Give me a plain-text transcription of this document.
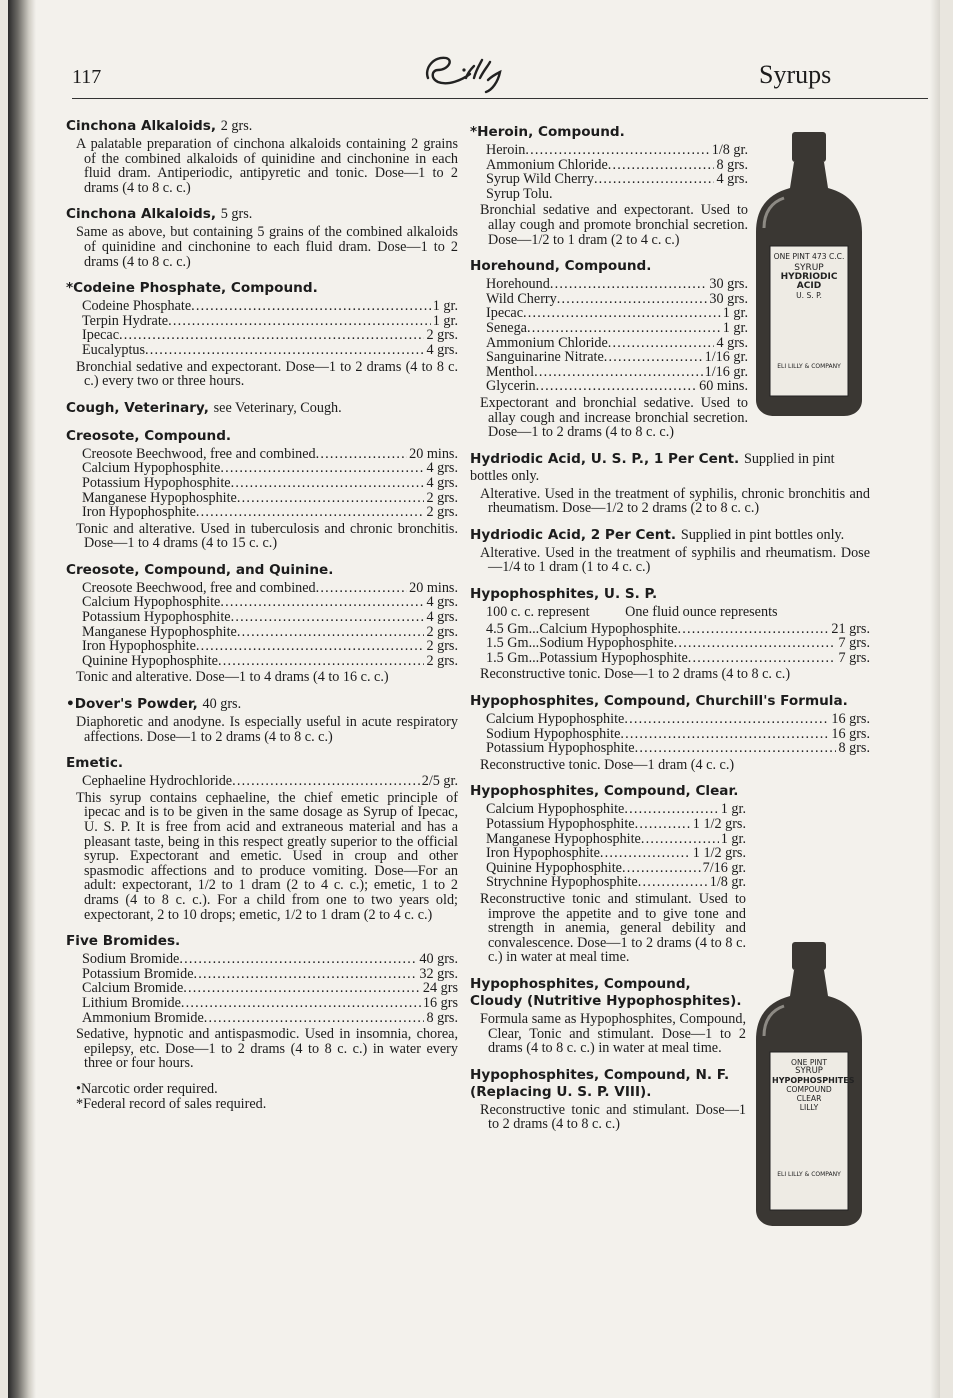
117	Syrups
Cinchona Alkaloids, 2 grs.
A palatable preparation of cinchona alkaloids containing 2 grains of the combined alkaloids of quinidine and cinchonine in each fluid dram. Antiperiodic, antipyretic and tonic. Dose—1 to 2 drams (4 to 8 c. c.)
Cinchona Alkaloids, 5 grs.
Same as above, but containing 5 grains of the combined alkaloids of quinidine and cinchonine to each fluid dram. Dose—1 to 2 drams (4 to 8 c. c.)
*Codeine Phosphate, Compound.
Codeine Phosphate .....	1 gr.
Terpin Hydrate .....	1 gr.
Ipecac .....	2 grs.
Eucalyptus .....	4 grs.
Bronchial sedative and expectorant. Dose—1 to 2 drams (4 to 8 c. c.) every two or three hours.
Cough, Veterinary, see Veterinary, Cough.
Creosote, Compound.
Creosote Beechwood, free and combined .....	20 mins.
Calcium Hypophosphite .....	4 grs.
Potassium Hypophosphite .....	4 grs.
Manganese Hypophosphite .....	2 grs.
Iron Hypophosphite .....	2 grs.
Tonic and alterative. Used in tuberculosis and chronic bronchitis. Dose—1 to 4 drams (4 to 15 c. c.)
Creosote, Compound, and Quinine.
Creosote Beechwood, free and combined .....	20 mins.
Calcium Hypophosphite .....	4 grs.
Potassium Hypophosphite .....	4 grs.
Manganese Hypophosphite .....	2 grs.
Iron Hypophosphite .....	2 grs.
Quinine Hypophosphite .....	2 grs.
Tonic and alterative. Dose—1 to 4 drams (4 to 16 c. c.)
•Dover's Powder, 40 grs.
Diaphoretic and anodyne. Is especially useful in acute respiratory affections. Dose—1 to 2 drams (4 to 8 c. c.)
Emetic.
Cephaeline Hydrochloride .....	2/5 gr.
This syrup contains cephaeline, the chief emetic principle of ipecac and is to be given in the same dosage as Syrup of Ipecac, U. S. P. It is free from acid and extraneous material and has a pleasant taste, being in this respect greatly superior to the official syrup. Expectorant and emetic. Used in croup and other spasmodic affections and to produce vomiting. Dose—For an adult: expectorant, 1/2 to 1 dram (2 to 4 c. c.); emetic, 1 to 2 drams (4 to 8 c. c.). For a child from one to two years old; expectorant, 2 to 10 drops; emetic, 1/2 to 1 dram (2 to 4 c. c.)
Five Bromides.
Sodium Bromide .....	40 grs.
Potassium Bromide .....	32 grs.
Calcium Bromide .....	24 grs
Lithium Bromide .....	16 grs
Ammonium Bromide .....	8 grs.
Sedative, hypnotic and antispasmodic. Used in insomnia, chorea, epilepsy, etc. Dose—1 to 2 drams (4 to 8 c. c.) in water every three or four hours.
•Narcotic order required.
*Federal record of sales required.
*Heroin, Compound.
Heroin .....	1/8 gr.
Ammonium Chloride .....	8 grs.
Syrup Wild Cherry .....	4 grs.
Syrup Tolu.
Bronchial sedative and expectorant. Used to allay cough and promote bronchial secretion. Dose—1/2 to 1 dram (2 to 4 c. c.)
Horehound, Compound.
Horehound .....	30 grs.
Wild Cherry .....	30 grs.
Ipecac .....	1 gr.
Senega .....	1 gr.
Ammonium Chloride .....	4 grs.
Sanguinarine Nitrate .....	1/16 gr.
Menthol .....	1/16 gr.
Glycerin .....	60 mins.
Expectorant and bronchial sedative. Used to allay cough and increase bronchial secretion. Dose—1 to 2 drams (4 to 8 c. c.)
Hydriodic Acid, U. S. P., 1 Per Cent. Supplied in pint bottles only.
Alterative. Used in the treatment of syphilis, chronic bronchitis and rheumatism. Dose—1/2 to 2 drams (2 to 8 c. c.)
Hydriodic Acid, 2 Per Cent. Supplied in pint bottles only.
Alterative. Used in the treatment of syphilis and rheumatism. Dose—1/4 to 1 dram (1 to 4 c. c.)
Hypophosphites, U. S. P.
100 c. c. represent          One fluid ounce represents
4.5 Gm...Calcium Hypophosphite .....	21 grs.
1.5 Gm...Sodium Hypophosphite .....	7 grs.
1.5 Gm...Potassium Hypophosphite .....	7 grs.
Reconstructive tonic. Dose—1 to 2 drams (4 to 8 c. c.)
Hypophosphites, Compound, Churchill's Formula.
Calcium Hypophosphite .....	16 grs.
Sodium Hypophosphite .....	16 grs.
Potassium Hypophosphite .....	8 grs.
Reconstructive tonic. Dose—1 dram (4 c. c.)
Hypophosphites, Compound, Clear.
Calcium Hypophosphite .....	1 gr.
Potassium Hypophosphite .....	1 1/2 grs.
Manganese Hypophosphite .....	1 gr.
Iron Hypophosphite .....	1 1/2 grs.
Quinine Hypophosphite .....	7/16 gr.
Strychnine Hypophosphite .....	1/8 gr.
Reconstructive tonic and stimulant. Used to improve the appetite and to give tone and strength in anemia, general debility and convalescence. Dose—1 to 2 drams (4 to 8 c. c.) in water at meal time.
Hypophosphites, Compound, Cloudy (Nutritive Hypophosphites).
Formula same as Hypophosphites, Compound, Clear, Tonic and stimulant. Dose—1 to 2 drams (4 to 8 c. c.) in water at meal time.
Hypophosphites, Compound, N. F. (Replacing U. S. P. VIII).
Reconstructive tonic and stimulant. Dose—1 to 2 drams (4 to 8 c. c.)
ONE PINT 473 C.C.
SYRUP
HYDRIODIC ACID
U. S. P.
ELI LILLY & COMPANY
ONE PINT
SYRUP
HYPOPHOSPHITES
COMPOUND
CLEAR
LILLY
ELI LILLY & COMPANY
